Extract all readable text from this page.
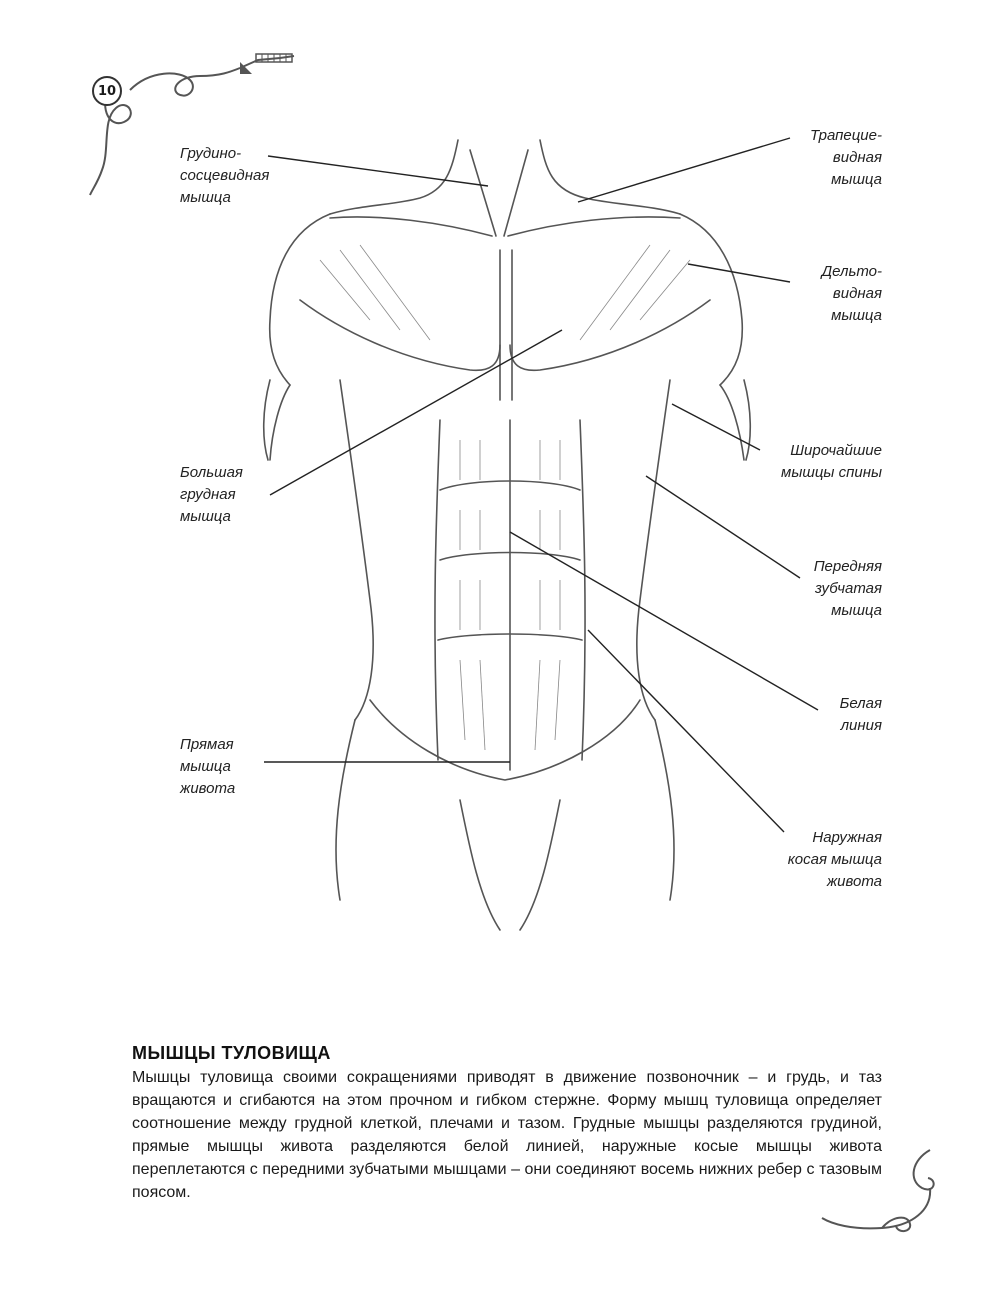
10
Грудино-
сосцевидная
мышца
Трапецие-
видная
мышца
Дельто-
видная
мышца
Широчайшие
мышцы спины
Большая
грудная
мышца
Передняя
зубчатая
мышца
Белая
линия
Прямая
мышца
живота
Наружная
косая мышца
живота
МЫШЦЫ ТУЛОВИЩА
Мышцы туловища своими сокращениями приводят в движение позвоночник – и грудь, и таз вращаются и сгибаются на этом прочном и гибком стержне. Форму мышц туловища определяет соотношение между грудной клеткой, плечами и тазом. Грудные мышцы разделяются грудиной, прямые мышцы живота разделяются белой линией, наружные косые мышцы живота переплетаются с передними зубчатыми мышцами – они соединяют восемь нижних ребер с тазовым поясом.
